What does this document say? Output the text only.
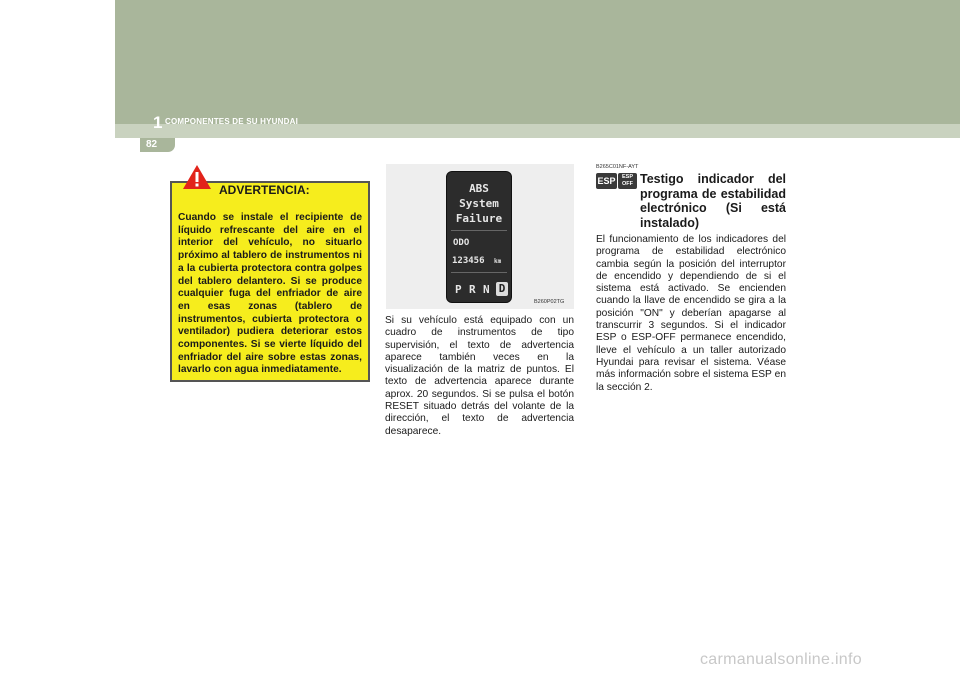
1 COMPONENTES DE SU HYUNDAI
82

Cuando se instale el recipiente de líquido refrescante del aire en el interior del vehículo, no situarlo próximo al tablero de instrumentos ni a la cubierta protectora contra golpes del tablero delantero. Si se produce cualquier fuga del enfriador de aire en esas zonas (tablero de instrumentos, cubierta protectora o ventilador) pudiera deteriorar estos componentes. Si se vierte líquido del enfriador del aire sobre estas zonas, lavarlo con agua inmediatamente.

ADVERTENCIA:	ABS
System
Failure
ODO
123456 km
P R N D
B260P02TG

Si su vehículo está equipado con un cuadro de instrumentos de tipo supervisión, el texto de advertencia aparece también veces en la visualización de la matriz de puntos. El texto de advertencia aparece durante aprox. 20 segundos. Si se pulsa el botón RESET situado detrás del volante de la dirección, el texto de advertencia desaparece.

B265C01NF-AYT
ESP	ESP
OFF Testigo indicador del programa de estabilidad electrónico (Si está instalado)

El funcionamiento de los indicadores del programa de estabilidad electrónico cambia según la posición del interruptor de encendido y dependiendo de si el sistema está activado. Se encienden cuando la llave de encendido se gira a la posición "ON" y deberían apagarse al transcurrir 3 segundos. Si el indicador ESP o ESP-OFF permanece encendido, lleve el vehículo a un taller autorizado Hyundai para revisar el sistema. Véase más información sobre el sistema ESP en la sección 2.

carmanualsonline.info
